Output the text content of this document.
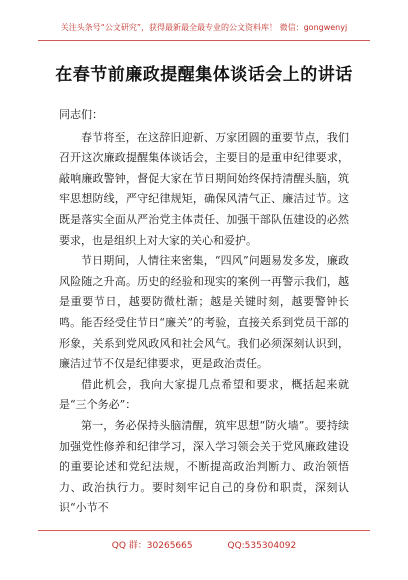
关注头条号“公文研究”，获得最新最全最专业的公文资料库！ 微信：gongwenyj
在春节前廉政提醒集体谈话会上的讲话

同志们：

春节将至，在这辞旧迎新、万家团圆的重要节点，我们召开这次廉政提醒集体谈话会，主要目的是重申纪律要求，敲响廉政警钟，督促大家在节日期间始终保持清醒头脑，筑牢思想防线，严守纪律规矩，确保风清气正、廉洁过节。这既是落实全面从严治党主体责任、加强干部队伍建设的必然要求，也是组织上对大家的关心和爱护。

节日期间，人情往来密集，“四风”问题易发多发，廉政风险随之升高。历史的经验和现实的案例一再警示我们，越是重要节日，越要防微杜渐；越是关键时刻，越要警钟长鸣。能否经受住节日“廉关”的考验，直接关系到党员干部的形象，关系到党风政风和社会风气。我们必须深刻认识到，廉洁过节不仅是纪律要求，更是政治责任。

借此机会，我向大家提几点希望和要求，概括起来就是“三个务必”：

第一，务必保持头脑清醒，筑牢思想“防火墙”。要持续加强党性修养和纪律学习，深入学习领会关于党风廉政建设的重要论述和党纪法规，不断提高政治判断力、政治领悟力、政治执行力。要时刻牢记自己的身份和职责，深刻认识“小节不

QQ 群：30265665	QQ:535304092
